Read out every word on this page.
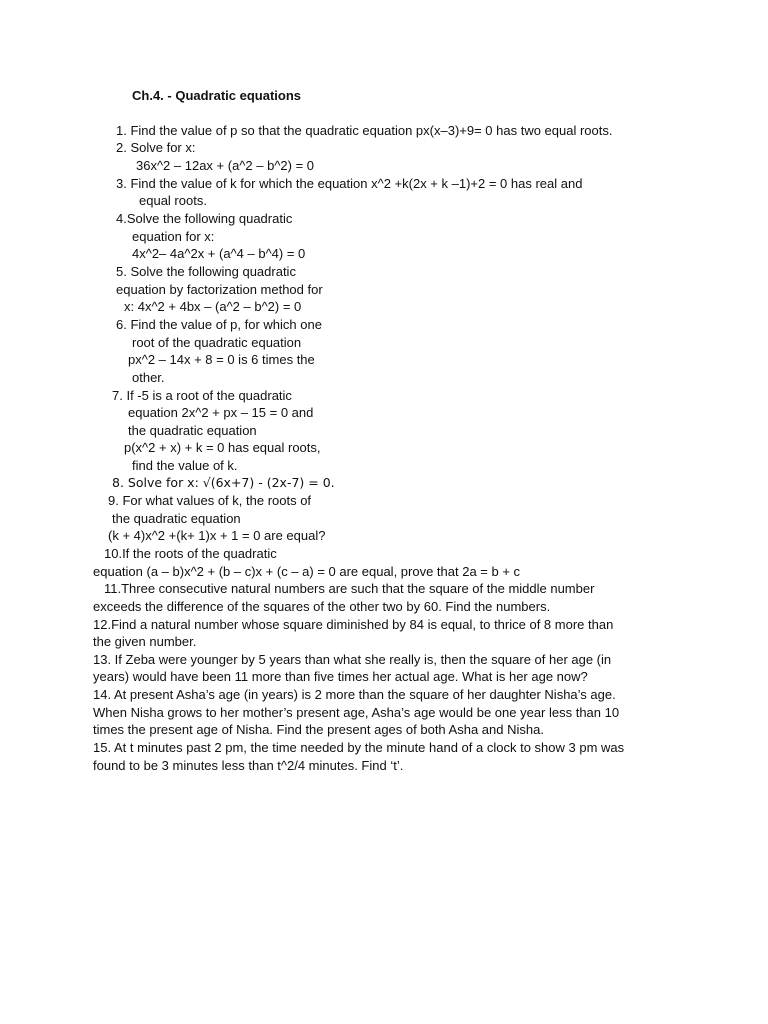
Ch.4. - Quadratic equations

1. Find the value of p so that the quadratic equation px(x–3)+9= 0 has two equal roots.

2. Solve for x:

36x^2 – 12ax + (a^2 – b^2) = 0

3. Find the value of k for which the equation x^2 +k(2x + k –1)+2 = 0 has real and

equal roots.

4.Solve the following quadratic

equation for x:

4x^2– 4a^2x + (a^4 – b^4) = 0

5. Solve the following quadratic

equation by factorization method for

x: 4x^2 + 4bx – (a^2 – b^2) = 0

6. Find the value of p, for which one

root of the quadratic equation

px^2 – 14x + 8 = 0 is 6 times the

other.

7. If -5 is a root of the quadratic

equation 2x^2 + px – 15 = 0 and

the quadratic equation

p(x^2 + x) + k = 0 has equal roots,

find the value of k.

8. Solve for x: √(6x+7) - (2x-7) = 0.

9. For what values of k, the roots of

the quadratic equation

(k + 4)x^2 +(k+ 1)x + 1 = 0 are equal?

10.If the roots of the quadratic

equation (a – b)x^2 + (b – c)x + (c – a) = 0 are equal, prove that 2a = b + c

11.Three consecutive natural numbers are such that the square of the middle number

exceeds the difference of the squares of the other two by 60. Find the numbers.

12.Find a natural number whose square diminished by 84 is equal, to thrice of 8 more than

the given number.

13. If Zeba were younger by 5 years than what she really is, then the square of her age (in

years) would have been 11 more than five times her actual age. What is her age now?

14. At present Asha’s age (in years) is 2 more than the square of her daughter Nisha’s age.

When Nisha grows to her mother’s present age, Asha’s age would be one year less than 10

times the present age of Nisha. Find the present ages of both Asha and Nisha.

15. At t minutes past 2 pm, the time needed by the minute hand of a clock to show 3 pm was

found to be 3 minutes less than t^2/4 minutes. Find ‘t’.
